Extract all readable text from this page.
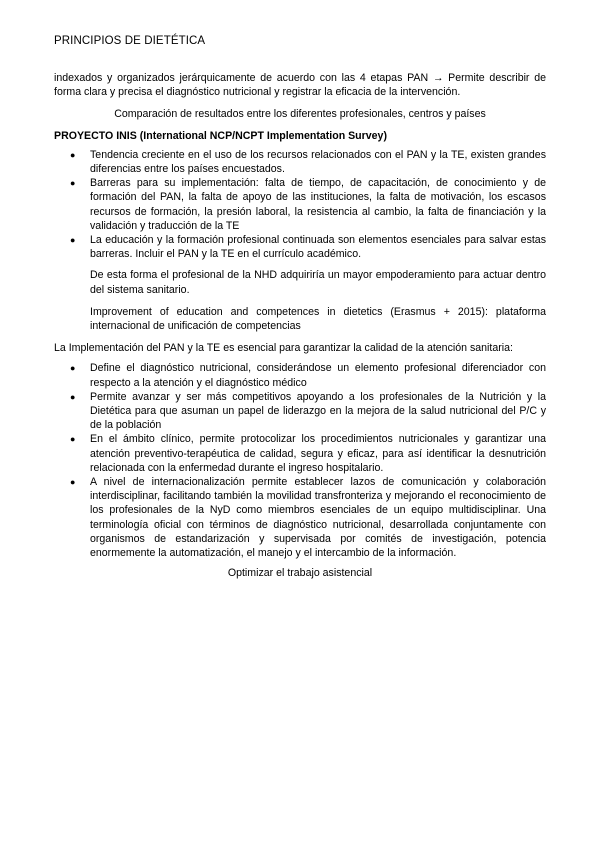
PRINCIPIOS DE DIETÉTICA

indexados y organizados jerárquicamente de acuerdo con las 4 etapas PAN → Permite describir de forma clara y precisa el diagnóstico nutricional y registrar la eficacia de la intervención.

Comparación de resultados entre los diferentes profesionales, centros y países

PROYECTO INIS (International NCP/NCPT Implementation Survey)

● Tendencia creciente en el uso de los recursos relacionados con el PAN y la TE, existen grandes diferencias entre los países encuestados.
● Barreras para su implementación: falta de tiempo, de capacitación, de conocimiento y de formación del PAN, la falta de apoyo de las instituciones, la falta de motivación, los escasos recursos de formación, la presión laboral, la resistencia al cambio, la falta de financiación y la validación y traducción de la TE
● La educación y la formación profesional continuada son elementos esenciales para salvar estas barreras. Incluir el PAN y la TE en el currículo académico.

De esta forma el profesional de la NHD adquiriría un mayor empoderamiento para actuar dentro del sistema sanitario.

Improvement of education and competences in dietetics (Erasmus + 2015): plataforma internacional de unificación de competencias

La Implementación del PAN y la TE es esencial para garantizar la calidad de la atención sanitaria:

● Define el diagnóstico nutricional, considerándose un elemento profesional diferenciador con respecto a la atención y el diagnóstico médico
● Permite avanzar y ser más competitivos apoyando a los profesionales de la Nutrición y la Dietética para que asuman un papel de liderazgo en la mejora de la salud nutricional del P/C y de la población
● En el ámbito clínico, permite protocolizar los procedimientos nutricionales y garantizar una atención preventivo-terapéutica de calidad, segura y eficaz, para así identificar la desnutrición relacionada con la enfermedad durante el ingreso hospitalario.
● A nivel de internacionalización permite establecer lazos de comunicación y colaboración interdisciplinar, facilitando también la movilidad transfronteriza y mejorando el reconocimiento de los profesionales de la NyD como miembros esenciales de un equipo multidisciplinar. Una terminología oficial con términos de diagnóstico nutricional, desarrollada conjuntamente con organismos de estandarización y supervisada por comités de investigación, potencia enormemente la automatización, el manejo y el intercambio de la información.

Optimizar el trabajo asistencial
